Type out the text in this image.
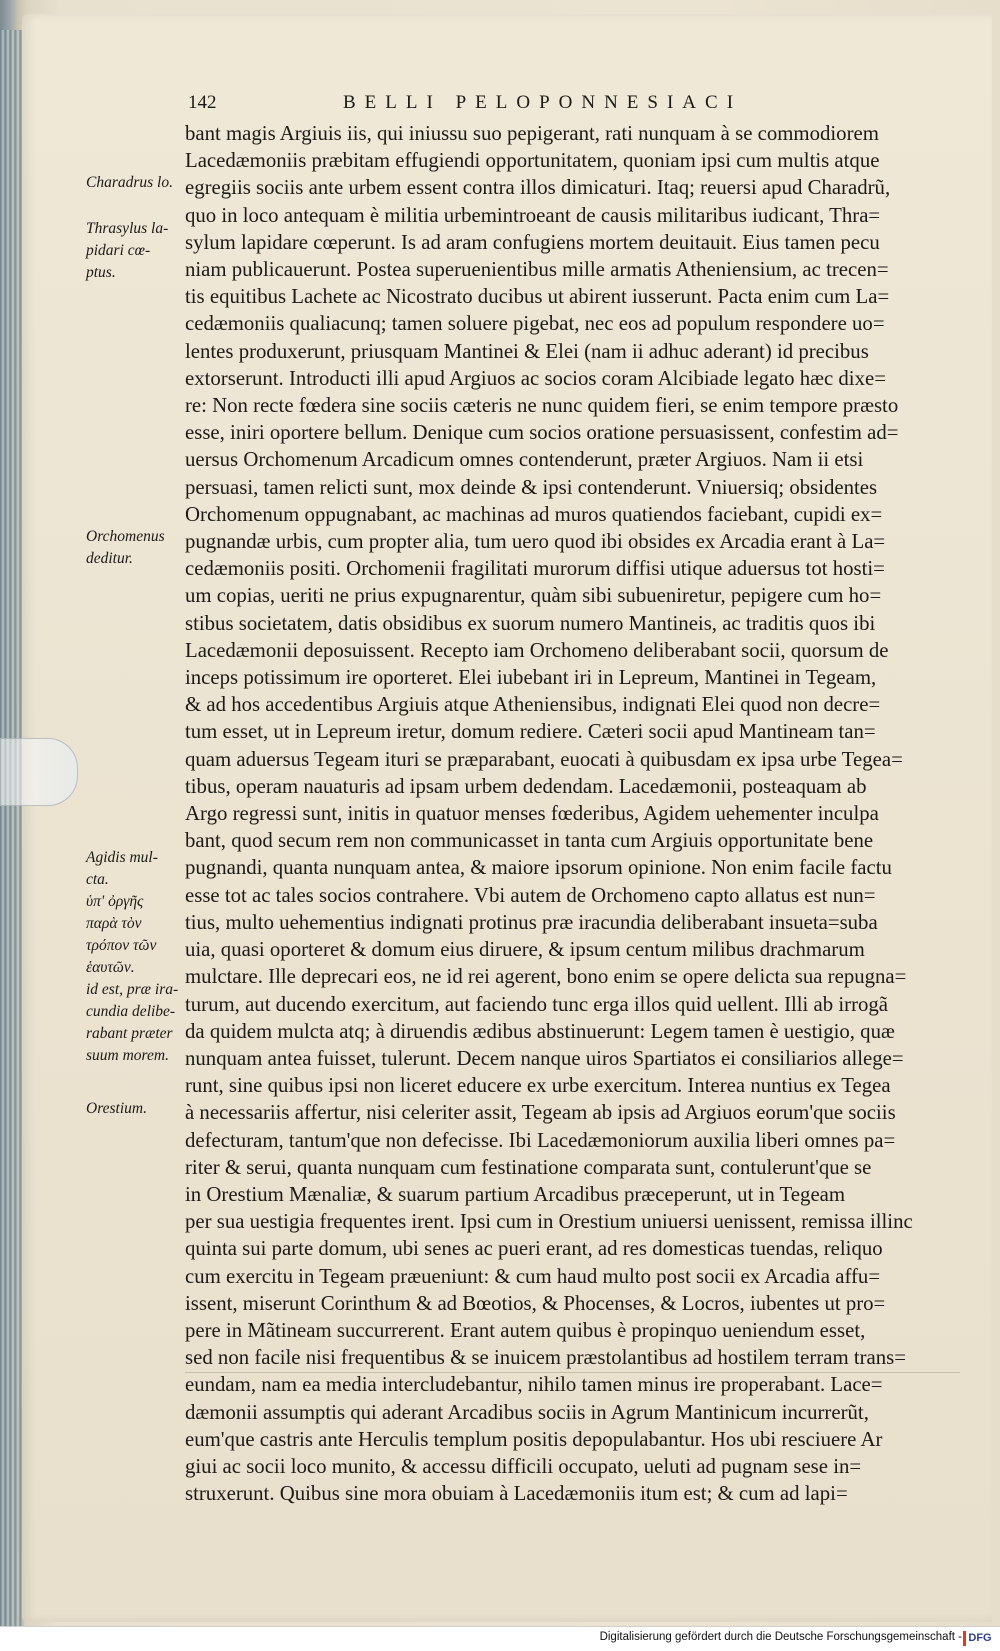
142	BELLI PELOPONNESIACI
bant magis Argiuis iis, qui iniussu suo pepigerant, rati nunquam à se commodiorem
Lacedæmoniis præbitam effugiendi opportunitatem, quoniam ipsi cum multis atque
egregiis sociis ante urbem essent contra illos dimicaturi. Itaq; reuersi apud Charadrũ,
quo in loco antequam è militia urbemintroeant de causis militaribus iudicant, Thra=
sylum lapidare cœperunt. Is ad aram confugiens mortem deuitauit. Eius tamen pecu
niam publicauerunt. Postea superuenientibus mille armatis Atheniensium, ac trecen=
tis equitibus Lachete ac Nicostrato ducibus ut abirent iusserunt. Pacta enim cum La=
cedæmoniis qualiacunq; tamen soluere pigebat, nec eos ad populum respondere uo=
lentes produxerunt, priusquam Mantinei & Elei (nam ii adhuc aderant) id precibus
extorserunt. Introducti illi apud Argiuos ac socios coram Alcibiade legato hæc dixe=
re: Non recte fœdera sine sociis cæteris ne nunc quidem fieri, se enim tempore præsto
esse, iniri oportere bellum. Denique cum socios oratione persuasissent, confestim ad=
uersus Orchomenum Arcadicum omnes contenderunt, præter Argiuos. Nam ii etsi
persuasi, tamen relicti sunt, mox deinde & ipsi contenderunt. Vniuersiq; obsidentes
Orchomenum oppugnabant, ac machinas ad muros quatiendos faciebant, cupidi ex=
pugnandæ urbis, cum propter alia, tum uero quod ibi obsides ex Arcadia erant à La=
cedæmoniis positi. Orchomenii fragilitati murorum diffisi utique aduersus tot hosti=
um copias, ueriti ne prius expugnarentur, quàm sibi subueniretur, pepigere cum ho=
stibus societatem, datis obsidibus ex suorum numero Mantineis, ac traditis quos ibi
Lacedæmonii deposuissent. Recepto iam Orchomeno deliberabant socii, quorsum de
inceps potissimum ire oporteret. Elei iubebant iri in Lepreum, Mantinei in Tegeam,
& ad hos accedentibus Argiuis atque Atheniensibus, indignati Elei quod non decre=
tum esset, ut in Lepreum iretur, domum rediere. Cæteri socii apud Mantineam tan=
quam aduersus Tegeam ituri se præparabant, euocati à quibusdam ex ipsa urbe Tegea=
tibus, operam nauaturis ad ipsam urbem dedendam. Lacedæmonii, posteaquam ab
Argo regressi sunt, initis in quatuor menses fœderibus, Agidem uehementer inculpa
bant, quod secum rem non communicasset in tanta cum Argiuis opportunitate bene
pugnandi, quanta nunquam antea, & maiore ipsorum opinione. Non enim facile factu
esse tot ac tales socios contrahere. Vbi autem de Orchomeno capto allatus est nun=
tius, multo uehementius indignati protinus præ iracundia deliberabant insueta=suba
uia, quasi oporteret & domum eius diruere, & ipsum centum milibus drachmarum
mulctare. Ille deprecari eos, ne id rei agerent, bono enim se opere delicta sua repugna=
turum, aut ducendo exercitum, aut faciendo tunc erga illos quid uellent. Illi ab irrogã
da quidem mulcta atq; à diruendis ædibus abstinuerunt: Legem tamen è uestigio, quæ
nunquam antea fuisset, tulerunt. Decem nanque uiros Spartiatos ei consiliarios allege=
runt, sine quibus ipsi non liceret educere ex urbe exercitum. Interea nuntius ex Tegea
à necessariis affertur, nisi celeriter assit, Tegeam ab ipsis ad Argiuos eorum'que sociis
defecturam, tantum'que non defecisse. Ibi Lacedæmoniorum auxilia liberi omnes pa=
riter & serui, quanta nunquam cum festinatione comparata sunt, contulerunt'que se
in Orestium Mænaliæ, & suarum partium Arcadibus præceperunt, ut in Tegeam
per sua uestigia frequentes irent. Ipsi cum in Orestium uniuersi uenissent, remissa illinc
quinta sui parte domum, ubi senes ac pueri erant, ad res domesticas tuendas, reliquo
cum exercitu in Tegeam præueniunt: & cum haud multo post socii ex Arcadia affu=
issent, miserunt Corinthum & ad Bœotios, & Phocenses, & Locros, iubentes ut pro=
pere in Mãtineam succurrerent. Erant autem quibus è propinquo ueniendum esset,
sed non facile nisi frequentibus & se inuicem præstolantibus ad hostilem terram trans=
eundam, nam ea media intercludebantur, nihilo tamen minus ire properabant. Lace=
dæmonii assumptis qui aderant Arcadibus sociis in Agrum Mantinicum incurrerũt,
eum'que castris ante Herculis templum positis depopulabantur. Hos ubi resciuere Ar
giui ac socii loco munito, & accessu difficili occupato, ueluti ad pugnam sese in=
struxerunt. Quibus sine mora obuiam à Lacedæmoniis itum est; & cum ad lapi=
Charadrus lo.
Thrasylus la-
pidari cœ-
ptus.
Orchomenus
deditur.
Agidis mul-
cta.
ὑπ' ὀργῆς
παρὰ τὸν
τρόπον τῶν
ἑαυτῶν.
id est, præ ira-
cundia delibe-
rabant præter
suum morem.
Orestium.
Digitalisierung gefördert durch die Deutsche Forschungsgemeinschaft - DFG
